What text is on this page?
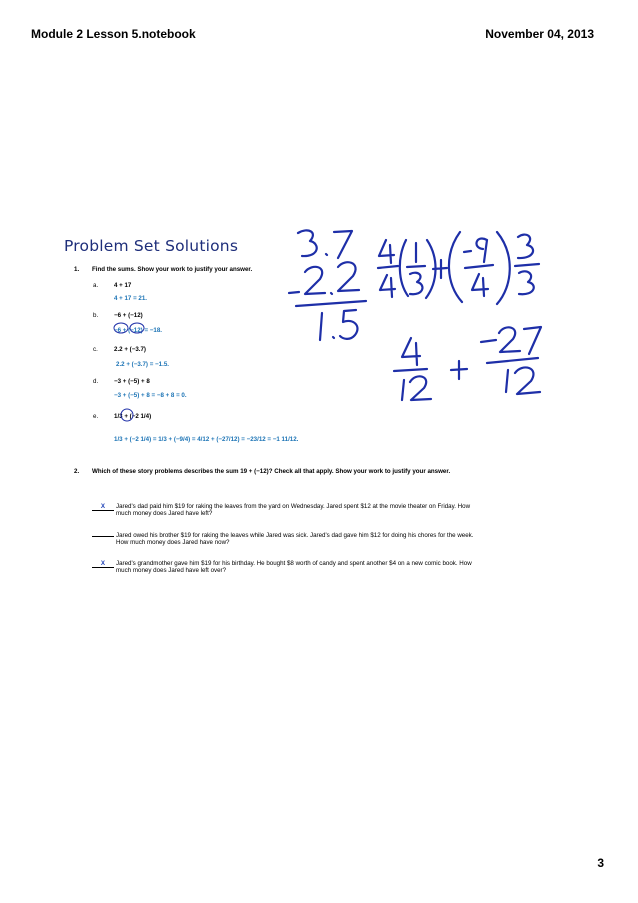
Module 2 Lesson 5.notebook	November 04, 2013
Problem Set Solutions
1. Find the sums. Show your work to justify your answer.
a.	4 + 17
4 + 17 = 21.
b.	−6 + (−12)
−6 + (−12) = −18.
c.	2.2 + (−3.7)
2.2 + (−3.7) = −1.5.
d.	−3 + (−5) + 8
−3 + (−5) + 8 = −8 + 8 = 0.
e.	1/3 + (−2 1/4)
1/3 + (−2 1/4) = 1/3 + (−9/4) = 4/12 + (−27/12) = −23/12 = −1 11/12.
2. Which of these story problems describes the sum 19 + (−12)? Check all that apply. Show your work to justify your answer.
X	Jared's dad paid him $19 for raking the leaves from the yard on Wednesday. Jared spent $12 at the movie theater on Friday. How much money does Jared have left?
Jared owed his brother $19 for raking the leaves while Jared was sick. Jared's dad gave him $12 for doing his chores for the week. How much money does Jared have now?
X	Jared's grandmother gave him $19 for his birthday. He bought $8 worth of candy and spent another $4 on a new comic book. How much money does Jared have left over?
3
